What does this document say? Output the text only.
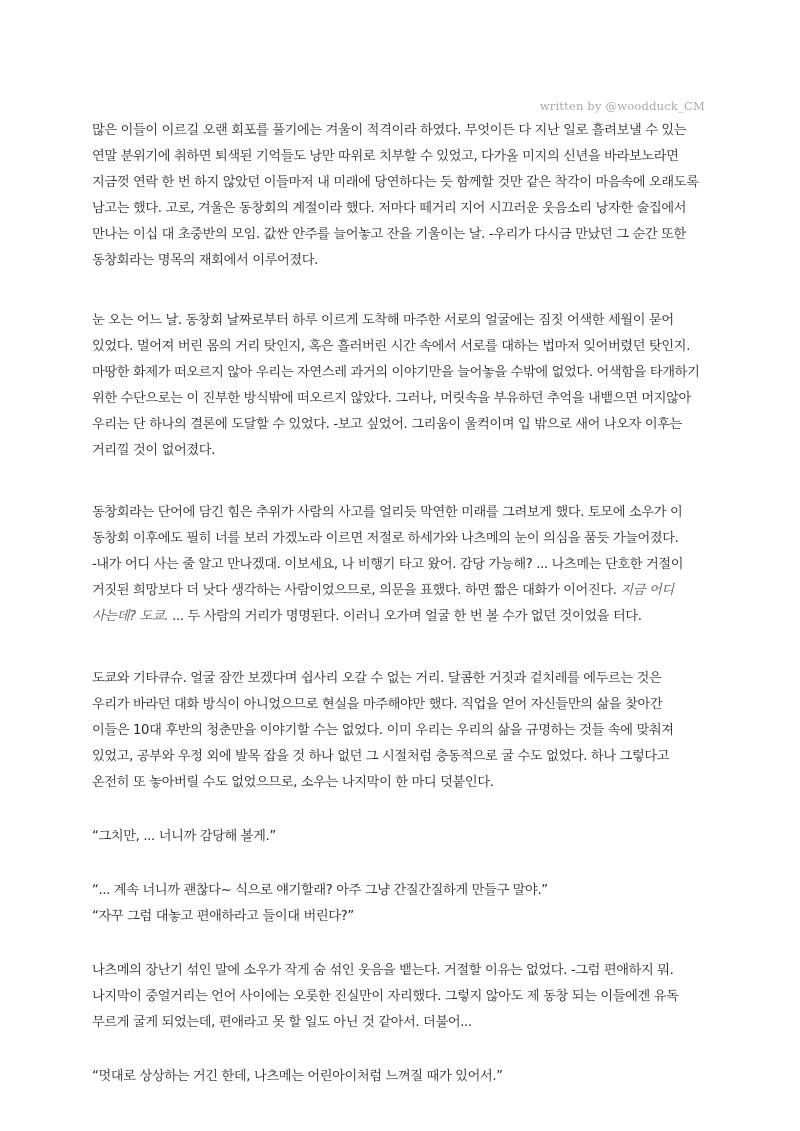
written by @woodduck_CM
많은 이들이 이르길 오랜 회포를 풀기에는 겨울이 적격이라 하였다. 무엇이든 다 지난 일로 흘려보낼 수 있는
연말 분위기에 취하면 퇴색된 기억들도 낭만 따위로 치부할 수 있었고, 다가올 미지의 신년을 바라보노라면
지금껏 연락 한 번 하지 않았던 이들마저 내 미래에 당연하다는 듯 함께할 것만 같은 착각이 마음속에 오래도록
남고는 했다. 고로, 겨울은 동창회의 계절이라 했다. 저마다 떼거리 지어 시끄러운 웃음소리 낭자한 술집에서
만나는 이십 대 초중반의 모임. 값싼 안주를 늘어놓고 잔을 기울이는 날. -우리가 다시금 만났던 그 순간 또한
동창회라는 명목의 재회에서 이루어졌다.
눈 오는 어느 날. 동창회 날짜로부터 하루 이르게 도착해 마주한 서로의 얼굴에는 짐짓 어색한 세월이 묻어
있었다. 멀어져 버린 몸의 거리 탓인지, 혹은 흘러버린 시간 속에서 서로를 대하는 법마저 잊어버렸던 탓인지.
마땅한 화제가 떠오르지 않아 우리는 자연스레 과거의 이야기만을 늘어놓을 수밖에 없었다. 어색함을 타개하기
위한 수단으로는 이 진부한 방식밖에 떠오르지 않았다. 그러나, 머릿속을 부유하던 추억을 내뱉으면 머지않아
우리는 단 하나의 결론에 도달할 수 있었다. -보고 싶었어. 그리움이 울컥이며 입 밖으로 새어 나오자 이후는
거리낄 것이 없어졌다.
동창회라는 단어에 담긴 힘은 추위가 사람의 사고를 얼리듯 막연한 미래를 그려보게 했다. 토모에 소우가 이
동창회 이후에도 필히 너를 보러 가겠노라 이르면 저절로 하세가와 나츠메의 눈이 의심을 품듯 가늘어졌다.
-내가 어디 사는 줄 알고 만나겠대. 이보세요, 나 비행기 타고 왔어. 감당 가능해? ... 나츠메는 단호한 거절이
거짓된 희망보다 더 낫다 생각하는 사람이었으므로, 의문을 표했다. 하면 짧은 대화가 이어진다. 지금 어디
사는데? 도쿄. ... 두 사람의 거리가 명명된다. 이러니 오가며 얼굴 한 번 볼 수가 없던 것이었을 터다.
도쿄와 기타큐슈. 얼굴 잠깐 보겠다며 쉽사리 오갈 수 없는 거리. 달콤한 거짓과 겉치레를 에두르는 것은
우리가 바라던 대화 방식이 아니었으므로 현실을 마주해야만 했다. 직업을 얻어 자신들만의 삶을 찾아간
이들은 10대 후반의 청춘만을 이야기할 수는 없었다. 이미 우리는 우리의 삶을 규명하는 것들 속에 맞춰져
있었고, 공부와 우정 외에 발목 잡을 것 하나 없던 그 시절처럼 충동적으로 굴 수도 없었다. 하나 그렇다고
온전히 또 놓아버릴 수도 없었으므로, 소우는 나지막이 한 마디 덧붙인다.
“그치만, ... 너니까 감당해 볼게.”
“... 계속 너니까 괜찮다~ 식으로 얘기할래? 아주 그냥 간질간질하게 만들구 말야.”
“자꾸 그럼 대놓고 편애하라고 들이대 버린다?”
나츠메의 장난기 섞인 말에 소우가 작게 숨 섞인 웃음을 뱉는다. 거절할 이유는 없었다. -그럼 편애하지 뭐.
나지막이 중얼거리는 언어 사이에는 오롯한 진실만이 자리했다. 그렇지 않아도 제 동창 되는 이들에겐 유독
무르게 굴게 되었는데, 편애라고 못 할 일도 아닌 것 같아서. 더불어...
“멋대로 상상하는 거긴 한데, 나츠메는 어린아이처럼 느껴질 때가 있어서.”
